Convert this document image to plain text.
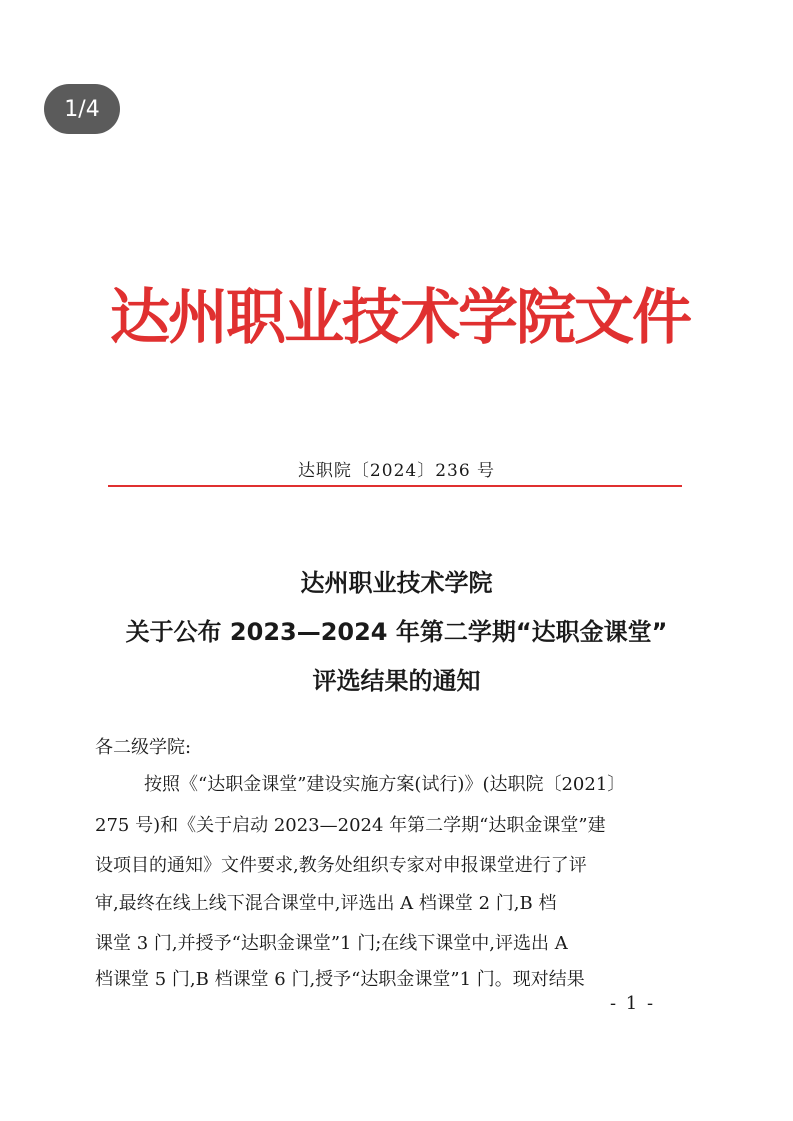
1/4
达州职业技术学院文件
达职院〔2024〕236 号
达州职业技术学院
关于公布 2023—2024 年第二学期“达职金课堂”
评选结果的通知
各二级学院:
按照《“达职金课堂”建设实施方案(试行)》(达职院〔2021〕
275 号)和《关于启动 2023—2024 年第二学期“达职金课堂”建
设项目的通知》文件要求,教务处组织专家对申报课堂进行了评
审,最终在线上线下混合课堂中,评选出 A 档课堂 2 门,B 档
课堂 3 门,并授予“达职金课堂”1 门;在线下课堂中,评选出 A
档课堂 5 门,B 档课堂 6 门,授予“达职金课堂”1 门。现对结果
- 1 -
